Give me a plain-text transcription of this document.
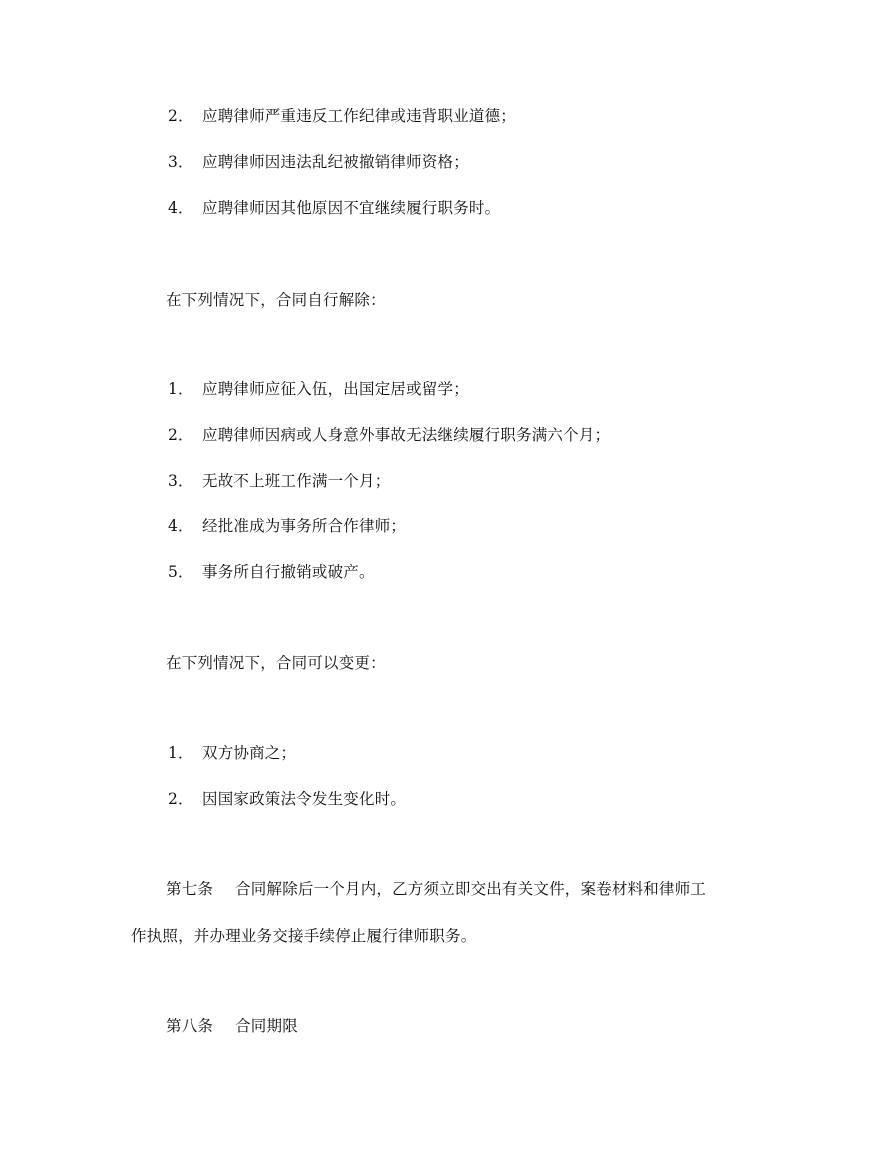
2． 应聘律师严重违反工作纪律或违背职业道德；
3． 应聘律师因违法乱纪被撤销律师资格；
4． 应聘律师因其他原因不宜继续履行职务时。
在下列情况下，合同自行解除：
1． 应聘律师应征入伍，出国定居或留学；
2． 应聘律师因病或人身意外事故无法继续履行职务满六个月；
3． 无故不上班工作满一个月；
4． 经批准成为事务所合作律师；
5． 事务所自行撤销或破产。
在下列情况下，合同可以变更：
1． 双方协商之；
2． 因国家政策法令发生变化时。
第七条 合同解除后一个月内，乙方须立即交出有关文件，案卷材料和律师工
作执照，并办理业务交接手续停止履行律师职务。
第八条 合同期限
